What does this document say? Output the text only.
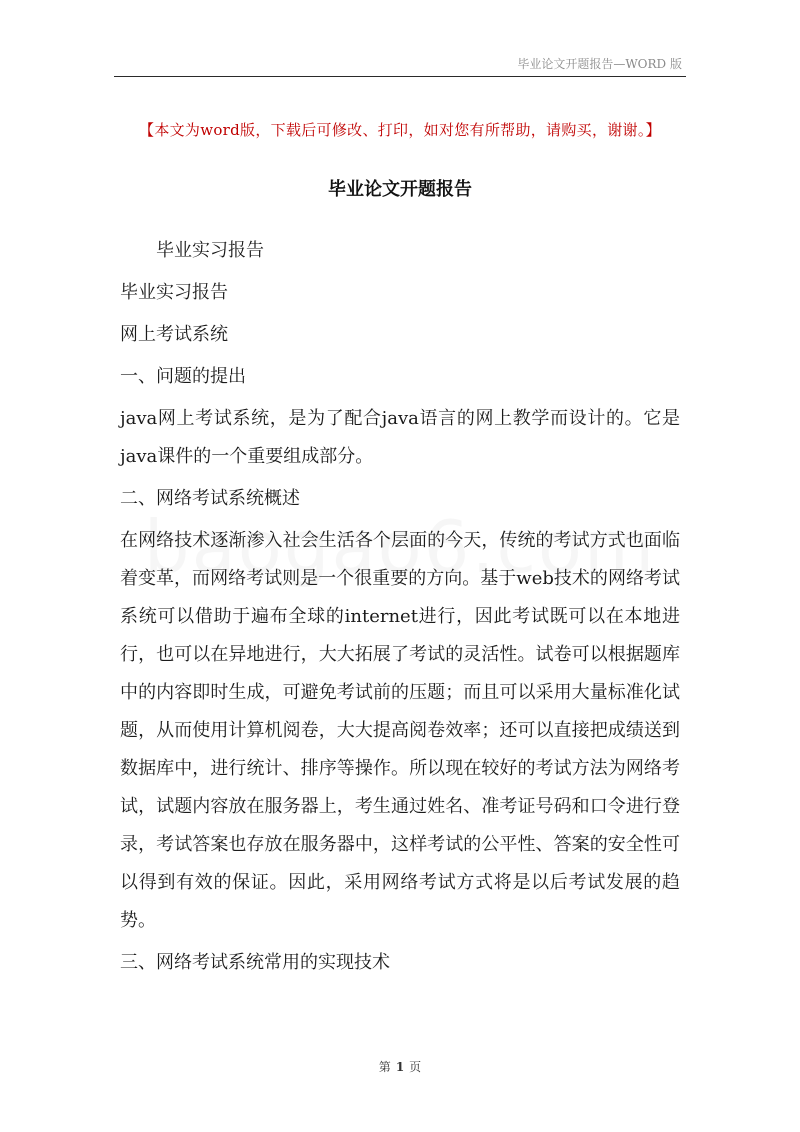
毕业论文开题报告—WORD 版
【本文为word版，下载后可修改、打印，如对您有所帮助，请购买，谢谢。】
毕业论文开题报告

毕业实习报告

毕业实习报告

网上考试系统

一、问题的提出

java网上考试系统，是为了配合java语言的网上教学而设计的。它是java课件的一个重要组成部分。

二、网络考试系统概述

在网络技术逐渐渗入社会生活各个层面的今天，传统的考试方式也面临着变革，而网络考试则是一个很重要的方向。基于web技术的网络考试系统可以借助于遍布全球的internet进行，因此考试既可以在本地进行，也可以在异地进行，大大拓展了考试的灵活性。试卷可以根据题库中的内容即时生成，可避免考试前的压题；而且可以采用大量标准化试题，从而使用计算机阅卷，大大提高阅卷效率；还可以直接把成绩送到数据库中，进行统计、排序等操作。所以现在较好的考试方法为网络考试，试题内容放在服务器上，考生通过姓名、准考证号码和口令进行登录，考试答案也存放在服务器中，这样考试的公平性、答案的安全性可以得到有效的保证。因此，采用网络考试方式将是以后考试发展的趋势。

三、网络考试系统常用的实现技术

第 1 页
